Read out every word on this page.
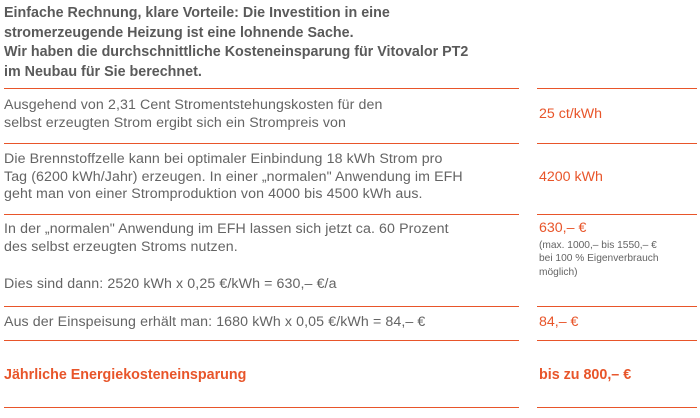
Einfache Rechnung, klare Vorteile: Die Investition in eine
stromerzeugende Heizung ist eine lohnende Sache.
Wir haben die durchschnittliche Kosteneinsparung für Vitovalor PT2
im Neubau für Sie berechnet.
Ausgehend von 2,31 Cent Stromentstehungskosten für den
selbst erzeugten Strom ergibt sich ein Strompreis von
25 ct/kWh
Die Brennstoffzelle kann bei optimaler Einbindung 18 kWh Strom pro
Tag (6200 kWh/Jahr) erzeugen. In einer „normalen" Anwendung im EFH
geht man von einer Stromproduktion von 4000 bis 4500 kWh aus.
4200 kWh
In der „normalen" Anwendung im EFH lassen sich jetzt ca. 60 Prozent
des selbst erzeugten Stroms nutzen.
Dies sind dann: 2520 kWh x 0,25 €/kWh = 630,– €/a
630,– €
(max. 1000,– bis 1550,– €
bei 100 % Eigenverbrauch
möglich)
Aus der Einspeisung erhält man: 1680 kWh x 0,05 €/kWh = 84,– €	84,– €
Jährliche Energiekosteneinsparung	bis zu 800,– €
